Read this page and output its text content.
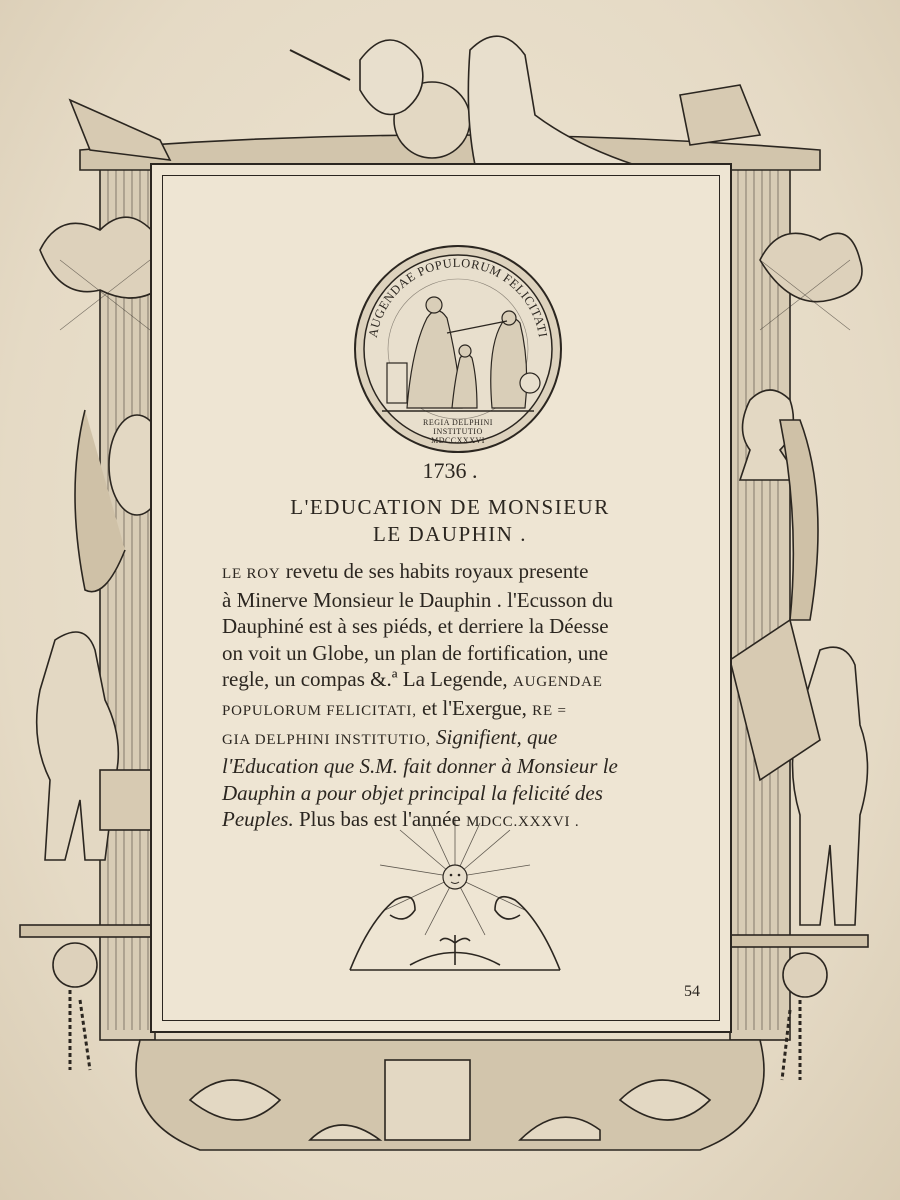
AUGENDAE POPULORUM FELICITATI
REGIA DELPHINI
INSTITUTIO
MDCCXXXVI
1736 .
L'EDUCATION DE MONSIEUR
LE DAUPHIN .
LE ROY revetu de ses habits royaux presente
à Minerve Monsieur le Dauphin . l'Ecusson du
Dauphiné est à ses piéds, et derriere la Déesse
on voit un Globe, un plan de fortification, une
regle, un compas &.ª La Legende, AUGENDAE
POPULORUM FELICITATI, et l'Exergue, RE =
GIA DELPHINI INSTITUTIO, Signifient, que
l'Education que S.M. fait donner à Monsieur le
Dauphin a pour objet principal la felicité des
Peuples. Plus bas est l'année MDCC.XXXVI .
54
